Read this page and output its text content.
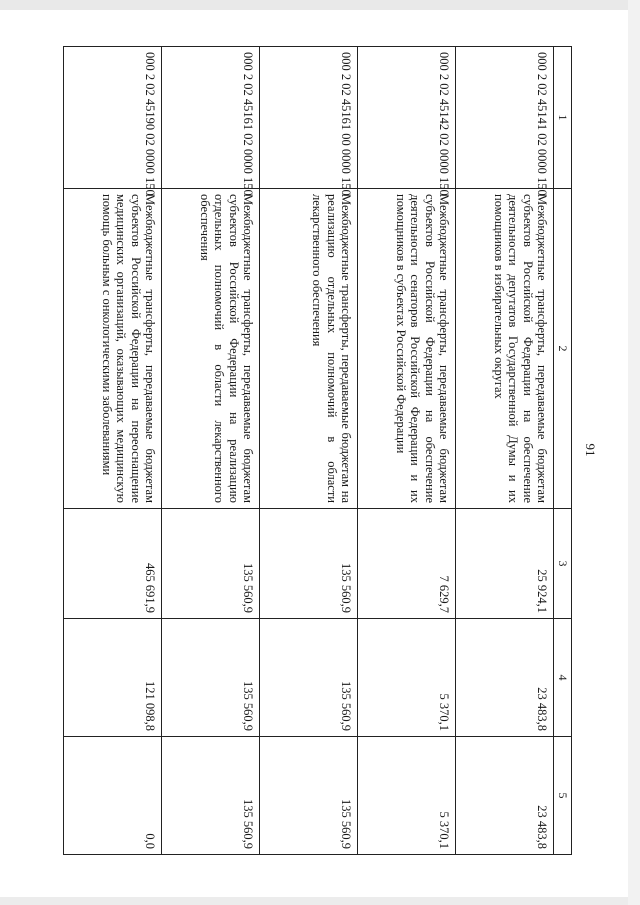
91
1	2	3	4	5
000 2 02 45141 02 0000 150	Межбюджетные трансферты, передаваемые бюджетам субъектов Российской Федерации на обеспечение деятельности депутатов Государственной Думы и их помощников в избирательных округах	25 924,1	23 483,8	23 483,8
000 2 02 45142 02 0000 150	Межбюджетные трансферты, передаваемые бюджетам субъектов Российской Федерации на обеспечение деятельности сенаторов Российской Федерации и их помощников в субъектах Российской Федерации	7 629,7	5 370,1	5 370,1
000 2 02 45161 00 0000 150	Межбюджетные трансферты, передаваемые бюджетам на реализацию отдельных полномочий в области лекарственного обеспечения	135 560,9	135 560,9	135 560,9
000 2 02 45161 02 0000 150	Межбюджетные трансферты, передаваемые бюджетам субъектов Российской Федерации на реализацию отдельных полномочий в области лекарственного обеспечения	135 560,9	135 560,9	135 560,9
000 2 02 45190 02 0000 150	Межбюджетные трансферты, передаваемые бюджетам субъектов Российской Федерации на переоснащение медицинских организаций, оказывающих медицинскую помощь больным с онкологическими заболеваниями	465 691,9	121 098,8	0,0
